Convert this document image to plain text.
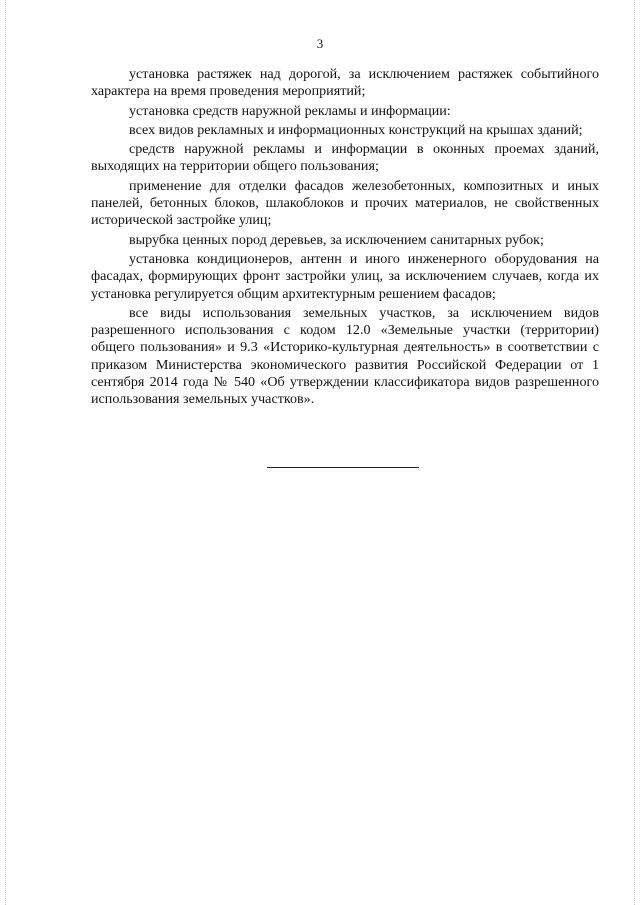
3

установка растяжек над дорогой, за исключением растяжек событийного характера на время проведения мероприятий;

установка средств наружной рекламы и информации:

всех видов рекламных и информационных конструкций на крышах зданий;

средств наружной рекламы и информации в оконных проемах зданий, выходящих на территории общего пользования;

применение для отделки фасадов железобетонных, композитных и иных панелей, бетонных блоков, шлакоблоков и прочих материалов, не свойственных исторической застройке улиц;

вырубка ценных пород деревьев, за исключением санитарных рубок;

установка кондиционеров, антенн и иного инженерного оборудования на фасадах, формирующих фронт застройки улиц, за исключением случаев, когда их установка регулируется общим архитектурным решением фасадов;

все виды использования земельных участков, за исключением видов разрешенного использования с кодом 12.0 «Земельные участки (территории) общего пользования» и 9.3 «Историко-культурная деятельность» в соответствии с приказом Министерства экономического развития Российской Федерации от 1 сентября 2014 года № 540 «Об утверждении классификатора видов разрешенного использования земельных участков».
